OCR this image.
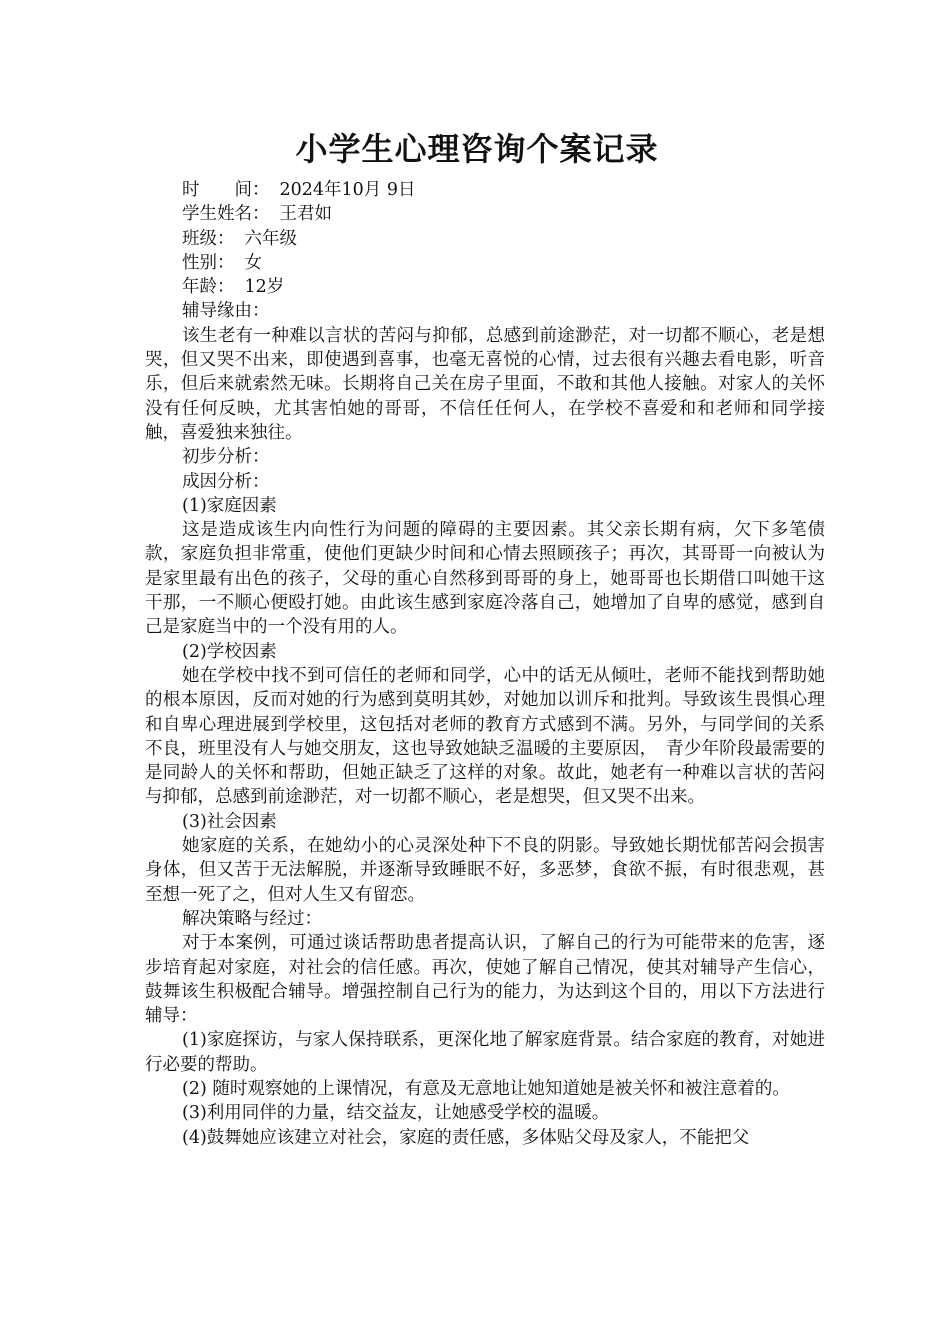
小学生心理咨询个案记录
时　　间： 2024年10月 9日
学生姓名： 王君如
班级： 六年级
性别： 女
年龄： 12岁
辅导缘由：

该生老有一种难以言状的苦闷与抑郁，总感到前途渺茫，对一切都不顺心，老是想哭，但又哭不出来，即使遇到喜事，也毫无喜悦的心情，过去很有兴趣去看电影，听音乐，但后来就索然无味。长期将自己关在房子里面，不敢和其他人接触。对家人的关怀没有任何反映，尤其害怕她的哥哥，不信任任何人，在学校不喜爱和和老师和同学接触，喜爱独来独往。

初步分析：
成因分析：
(1)家庭因素

这是造成该生内向性行为问题的障碍的主要因素。其父亲长期有病，欠下多笔债款，家庭负担非常重，使他们更缺少时间和心情去照顾孩子；再次，其哥哥一向被认为是家里最有出色的孩子，父母的重心自然移到哥哥的身上，她哥哥也长期借口叫她干这干那，一不顺心便殴打她。由此该生感到家庭冷落自己，她增加了自卑的感觉，感到自己是家庭当中的一个没有用的人。

(2)学校因素

她在学校中找不到可信任的老师和同学，心中的话无从倾吐，老师不能找到帮助她的根本原因，反而对她的行为感到莫明其妙，对她加以训斥和批判。导致该生畏惧心理和自卑心理进展到学校里，这包括对老师的教育方式感到不满。另外，与同学间的关系不良，班里没有人与她交朋友，这也导致她缺乏温暖的主要原因，　青少年阶段最需要的是同龄人的关怀和帮助，但她正缺乏了这样的对象。故此，她老有一种难以言状的苦闷与抑郁，总感到前途渺茫，对一切都不顺心，老是想哭，但又哭不出来。

(3)社会因素

她家庭的关系，在她幼小的心灵深处种下不良的阴影。导致她长期忧郁苦闷会损害身体，但又苦于无法解脱，并逐渐导致睡眠不好，多恶梦，食欲不振，有时很悲观，甚至想一死了之，但对人生又有留恋。

解决策略与经过：

对于本案例，可通过谈话帮助患者提高认识，了解自己的行为可能带来的危害，逐步培育起对家庭，对社会的信任感。再次，使她了解自己情况，使其对辅导产生信心，鼓舞该生积极配合辅导。增强控制自己行为的能力，为达到这个目的，用以下方法进行辅导：

(1)家庭探访，与家人保持联系，更深化地了解家庭背景。结合家庭的教育，对她进行必要的帮助。

(2) 随时观察她的上课情况，有意及无意地让她知道她是被关怀和被注意着的。

(3)利用同伴的力量，结交益友，让她感受学校的温暖。

(4)鼓舞她应该建立对社会，家庭的责任感，多体贴父母及家人，不能把父
